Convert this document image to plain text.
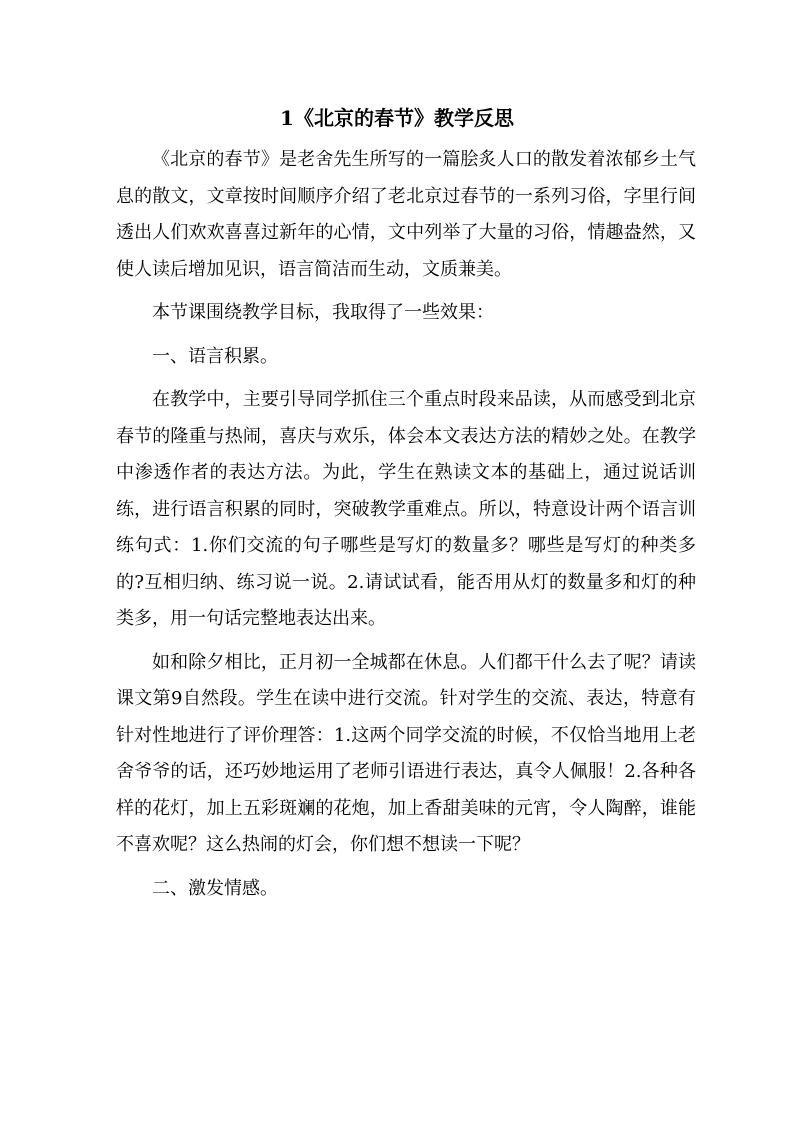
1《北京的春节》教学反思

《北京的春节》是老舍先生所写的一篇脍炙人口的散发着浓郁乡土气息的散文，文章按时间顺序介绍了老北京过春节的一系列习俗，字里行间透出人们欢欢喜喜过新年的心情，文中列举了大量的习俗，情趣盎然，又使人读后增加见识，语言简洁而生动，文质兼美。

本节课围绕教学目标，我取得了一些效果：

一、语言积累。

在教学中，主要引导同学抓住三个重点时段来品读，从而感受到北京春节的隆重与热闹，喜庆与欢乐，体会本文表达方法的精妙之处。在教学中渗透作者的表达方法。为此，学生在熟读文本的基础上，通过说话训练，进行语言积累的同时，突破教学重难点。所以，特意设计两个语言训练句式：1.你们交流的句子哪些是写灯的数量多？哪些是写灯的种类多的?互相归纳、练习说一说。2.请试试看，能否用从灯的数量多和灯的种类多，用一句话完整地表达出来。

如和除夕相比，正月初一全城都在休息。人们都干什么去了呢？请读课文第9自然段。学生在读中进行交流。针对学生的交流、表达，特意有针对性地进行了评价理答：1.这两个同学交流的时候，不仅恰当地用上老舍爷爷的话，还巧妙地运用了老师引语进行表达，真令人佩服！2.各种各样的花灯，加上五彩斑斓的花炮，加上香甜美味的元宵，令人陶醉，谁能不喜欢呢？这么热闹的灯会，你们想不想读一下呢？

二、激发情感。
